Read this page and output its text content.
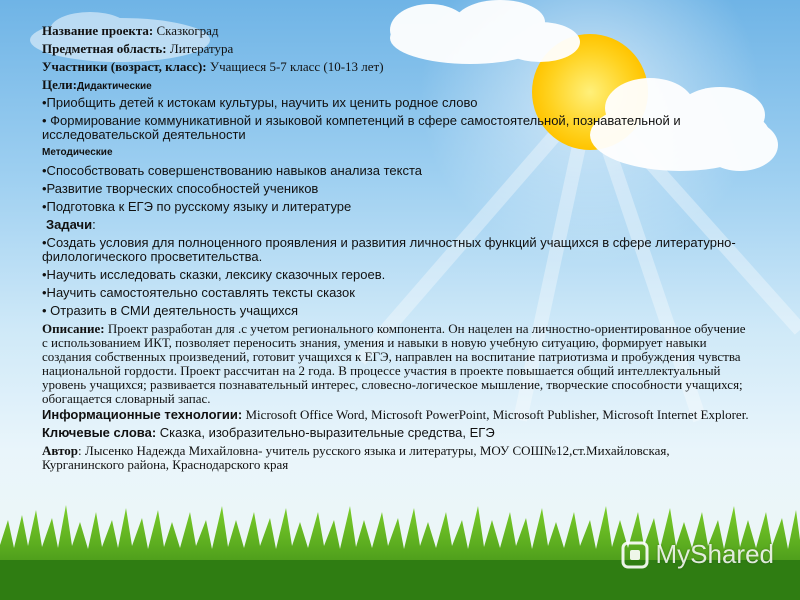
Название проекта: Сказкоград

Предметная область: Литература

Участники (возраст, класс): Учащиеся 5-7 класс (10-13 лет)

Цели:Дидактические

•Приобщить детей к истокам культуры, научить их ценить родное слово

• Формирование коммуникативной и языковой компетенций в сфере самостоятельной, познавательной и исследовательской деятельности

Методические

•Способствовать совершенствованию навыков анализа текста

•Развитие творческих способностей учеников

•Подготовка к ЕГЭ по русскому языку и литературе

Задачи:

•Создать условия для полноценного проявления и развития личностных функций учащихся в сфере литературно-филологического просветительства.

•Научить исследовать сказки, лексику сказочных героев.

•Научить самостоятельно составлять тексты сказок

• Отразить в СМИ деятельность учащихся

Описание: Проект разработан для .с учетом регионального компонента. Он нацелен на личностно-ориентированное обучение с использованием ИКТ, позволяет переносить знания, умения и навыки в новую учебную ситуацию, формирует навыки создания собственных произведений, готовит учащихся к ЕГЭ, направлен на воспитание патриотизма и пробуждения чувства национальной гордости. Проект рассчитан на 2 года. В процессе участия в проекте повышается общий интеллектуальный уровень учащихся; развивается познавательный интерес, словесно-логическое мышление, творческие способности учащихся; обогащается словарный запас.

Информационные технологии: Microsoft Office Word, Microsoft PowerPoint, Microsoft Publisher, Microsoft Internet Explorer.

Ключевые слова: Сказка, изобразительно-выразительные средства, ЕГЭ

Автор: Лысенко Надежда Михайловна- учитель русского языка и литературы, МОУ СОШ№12,ст.Михайловская, Курганинского района, Краснодарского края

MyShared
